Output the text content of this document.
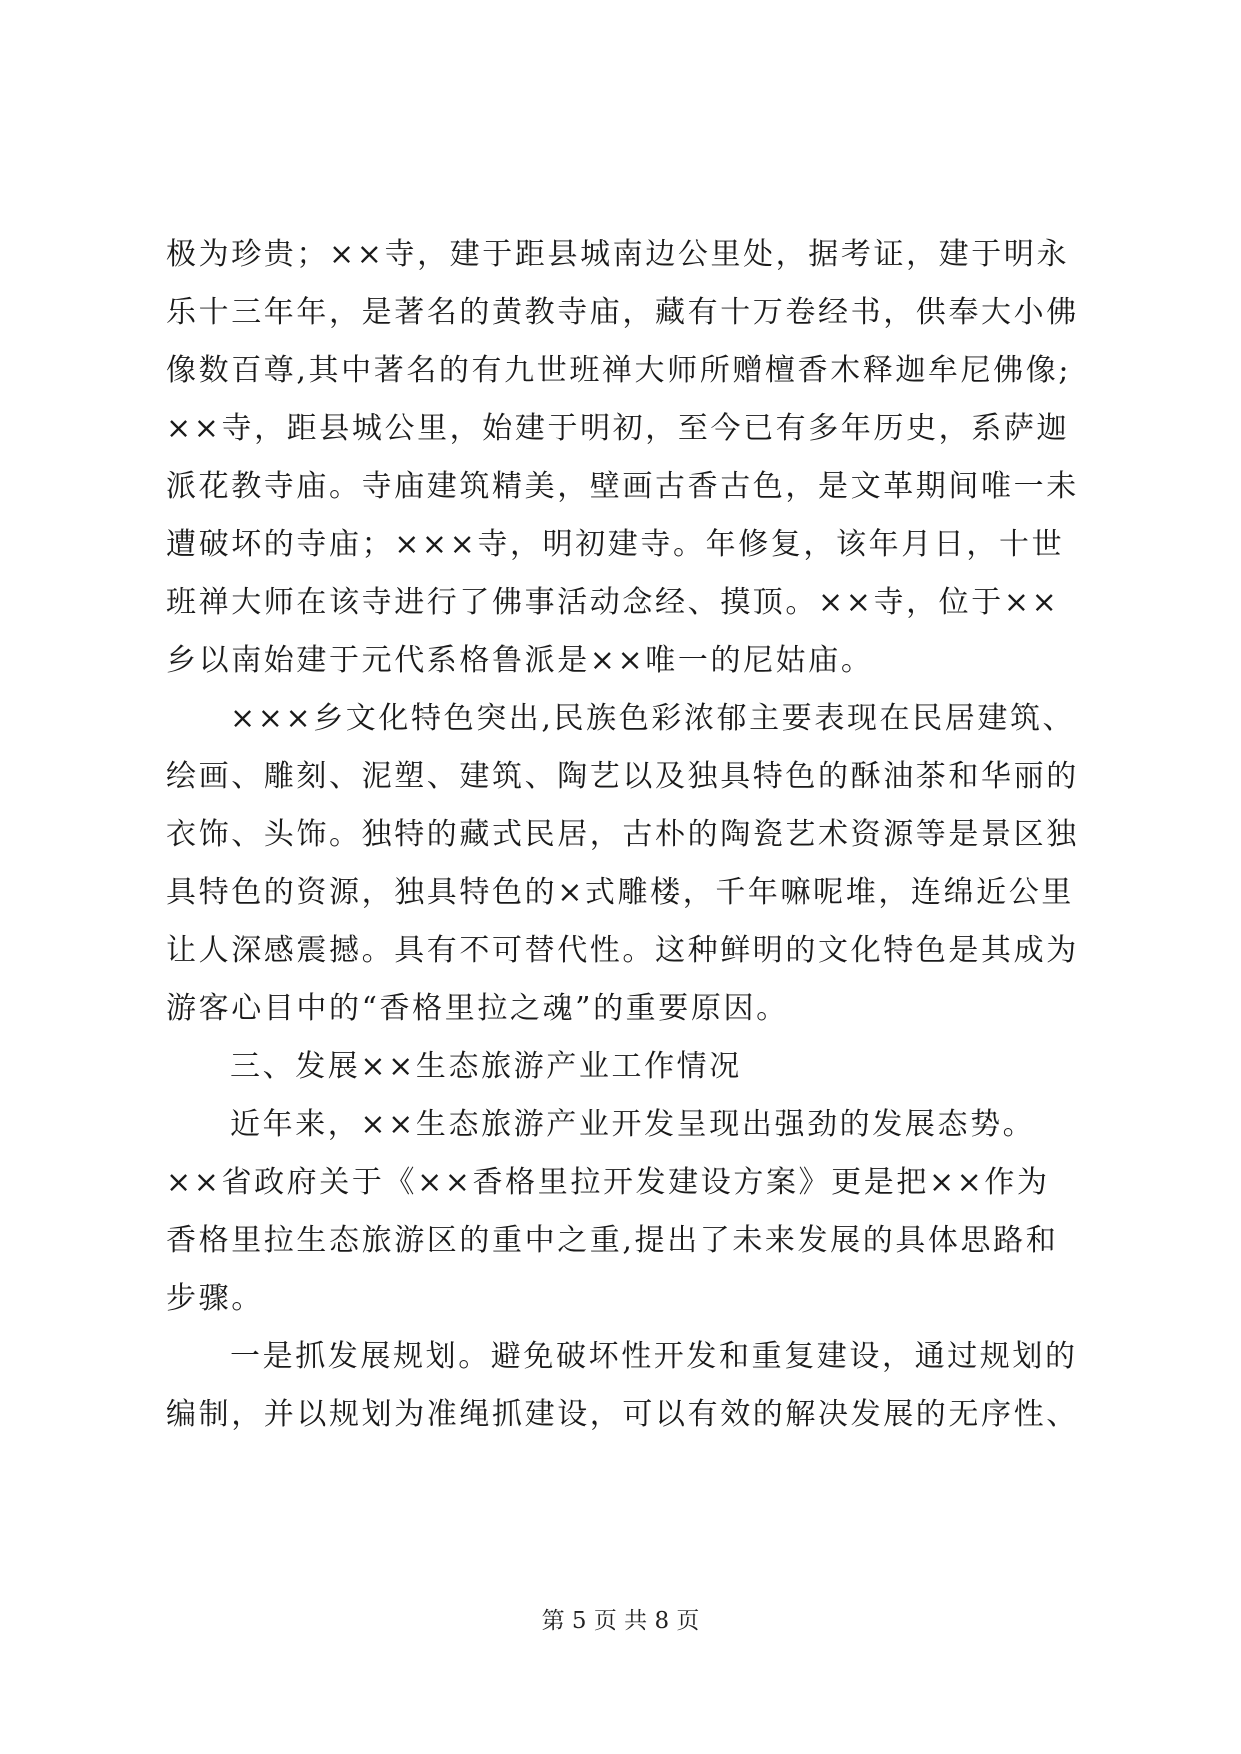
极为珍贵；××寺，建于距县城南边公里处，据考证，建于明永
乐十三年年，是著名的黄教寺庙，藏有十万卷经书，供奉大小佛
像数百尊,其中著名的有九世班禅大师所赠檀香木释迦牟尼佛像;
××寺，距县城公里，始建于明初，至今已有多年历史，系萨迦
派花教寺庙。寺庙建筑精美，壁画古香古色，是文革期间唯一未
遭破坏的寺庙；×××寺，明初建寺。年修复，该年月日，十世
班禅大师在该寺进行了佛事活动念经、摸顶。××寺，位于××
乡以南始建于元代系格鲁派是××唯一的尼姑庙。
×××乡文化特色突出,民族色彩浓郁主要表现在民居建筑、
绘画、雕刻、泥塑、建筑、陶艺以及独具特色的酥油茶和华丽的
衣饰、头饰。独特的藏式民居，古朴的陶瓷艺术资源等是景区独
具特色的资源，独具特色的×式雕楼，千年嘛呢堆，连绵近公里
让人深感震撼。具有不可替代性。这种鲜明的文化特色是其成为
游客心目中的“香格里拉之魂”的重要原因。
三、发展××生态旅游产业工作情况
近年来，××生态旅游产业开发呈现出强劲的发展态势。
××省政府关于《××香格里拉开发建设方案》更是把××作为
香格里拉生态旅游区的重中之重,提出了未来发展的具体思路和
步骤。
一是抓发展规划。避免破坏性开发和重复建设，通过规划的
编制，并以规划为准绳抓建设，可以有效的解决发展的无序性、
第 5 页 共 8 页
